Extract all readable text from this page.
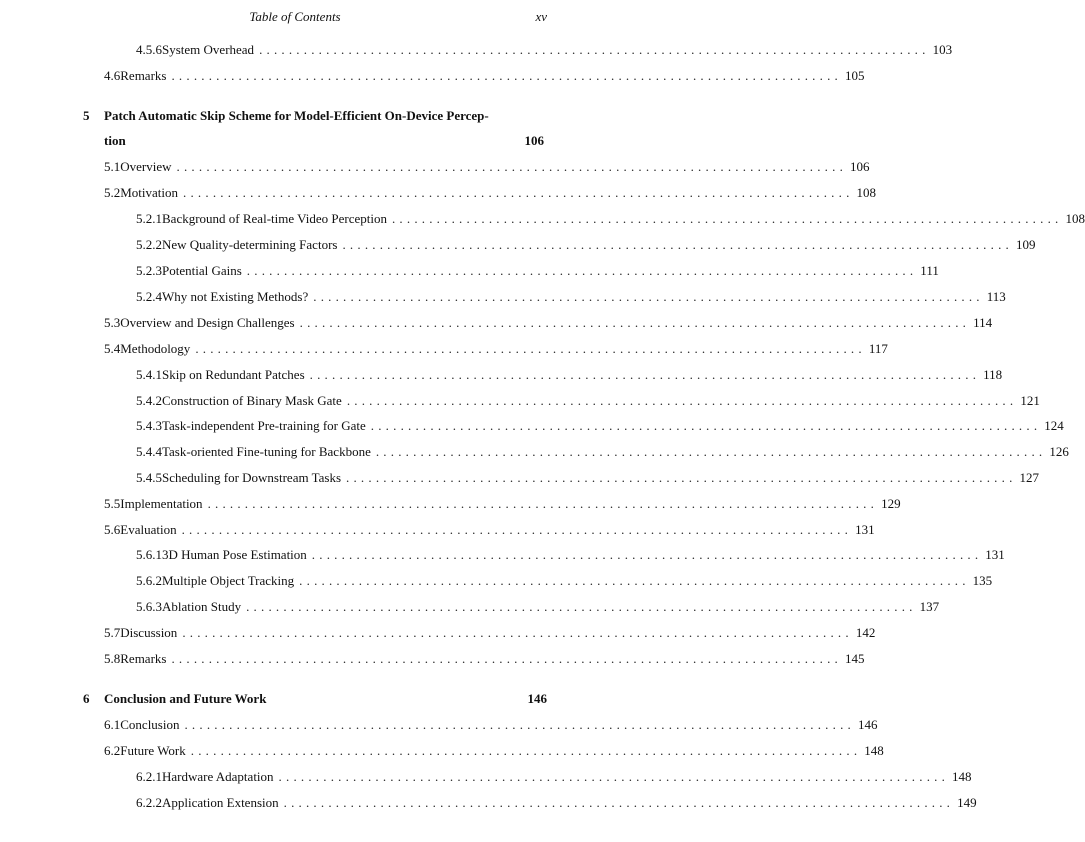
Table of Contents	xv
4.5.6 System Overhead .......................................................................................... 103
4.6 Remarks .......................................................................................... 105
5	Patch Automatic Skip Scheme for Model-Efficient On-Device Percep-
tion	106
5.1 Overview .......................................................................................... 106
5.2 Motivation .......................................................................................... 108
5.2.1 Background of Real-time Video Perception .......................................................................................... 108
5.2.2 New Quality-determining Factors .......................................................................................... 109
5.2.3 Potential Gains .......................................................................................... 111
5.2.4 Why not Existing Methods? .......................................................................................... 113
5.3 Overview and Design Challenges .......................................................................................... 114
5.4 Methodology .......................................................................................... 117
5.4.1 Skip on Redundant Patches .......................................................................................... 118
5.4.2 Construction of Binary Mask Gate .......................................................................................... 121
5.4.3 Task-independent Pre-training for Gate .......................................................................................... 124
5.4.4 Task-oriented Fine-tuning for Backbone .......................................................................................... 126
5.4.5 Scheduling for Downstream Tasks .......................................................................................... 127
5.5 Implementation .......................................................................................... 129
5.6 Evaluation .......................................................................................... 131
5.6.1 3D Human Pose Estimation .......................................................................................... 131
5.6.2 Multiple Object Tracking .......................................................................................... 135
5.6.3 Ablation Study .......................................................................................... 137
5.7 Discussion .......................................................................................... 142
5.8 Remarks .......................................................................................... 145
6	Conclusion and Future Work	146
6.1 Conclusion .......................................................................................... 146
6.2 Future Work .......................................................................................... 148
6.2.1 Hardware Adaptation .......................................................................................... 148
6.2.2 Application Extension .......................................................................................... 149
